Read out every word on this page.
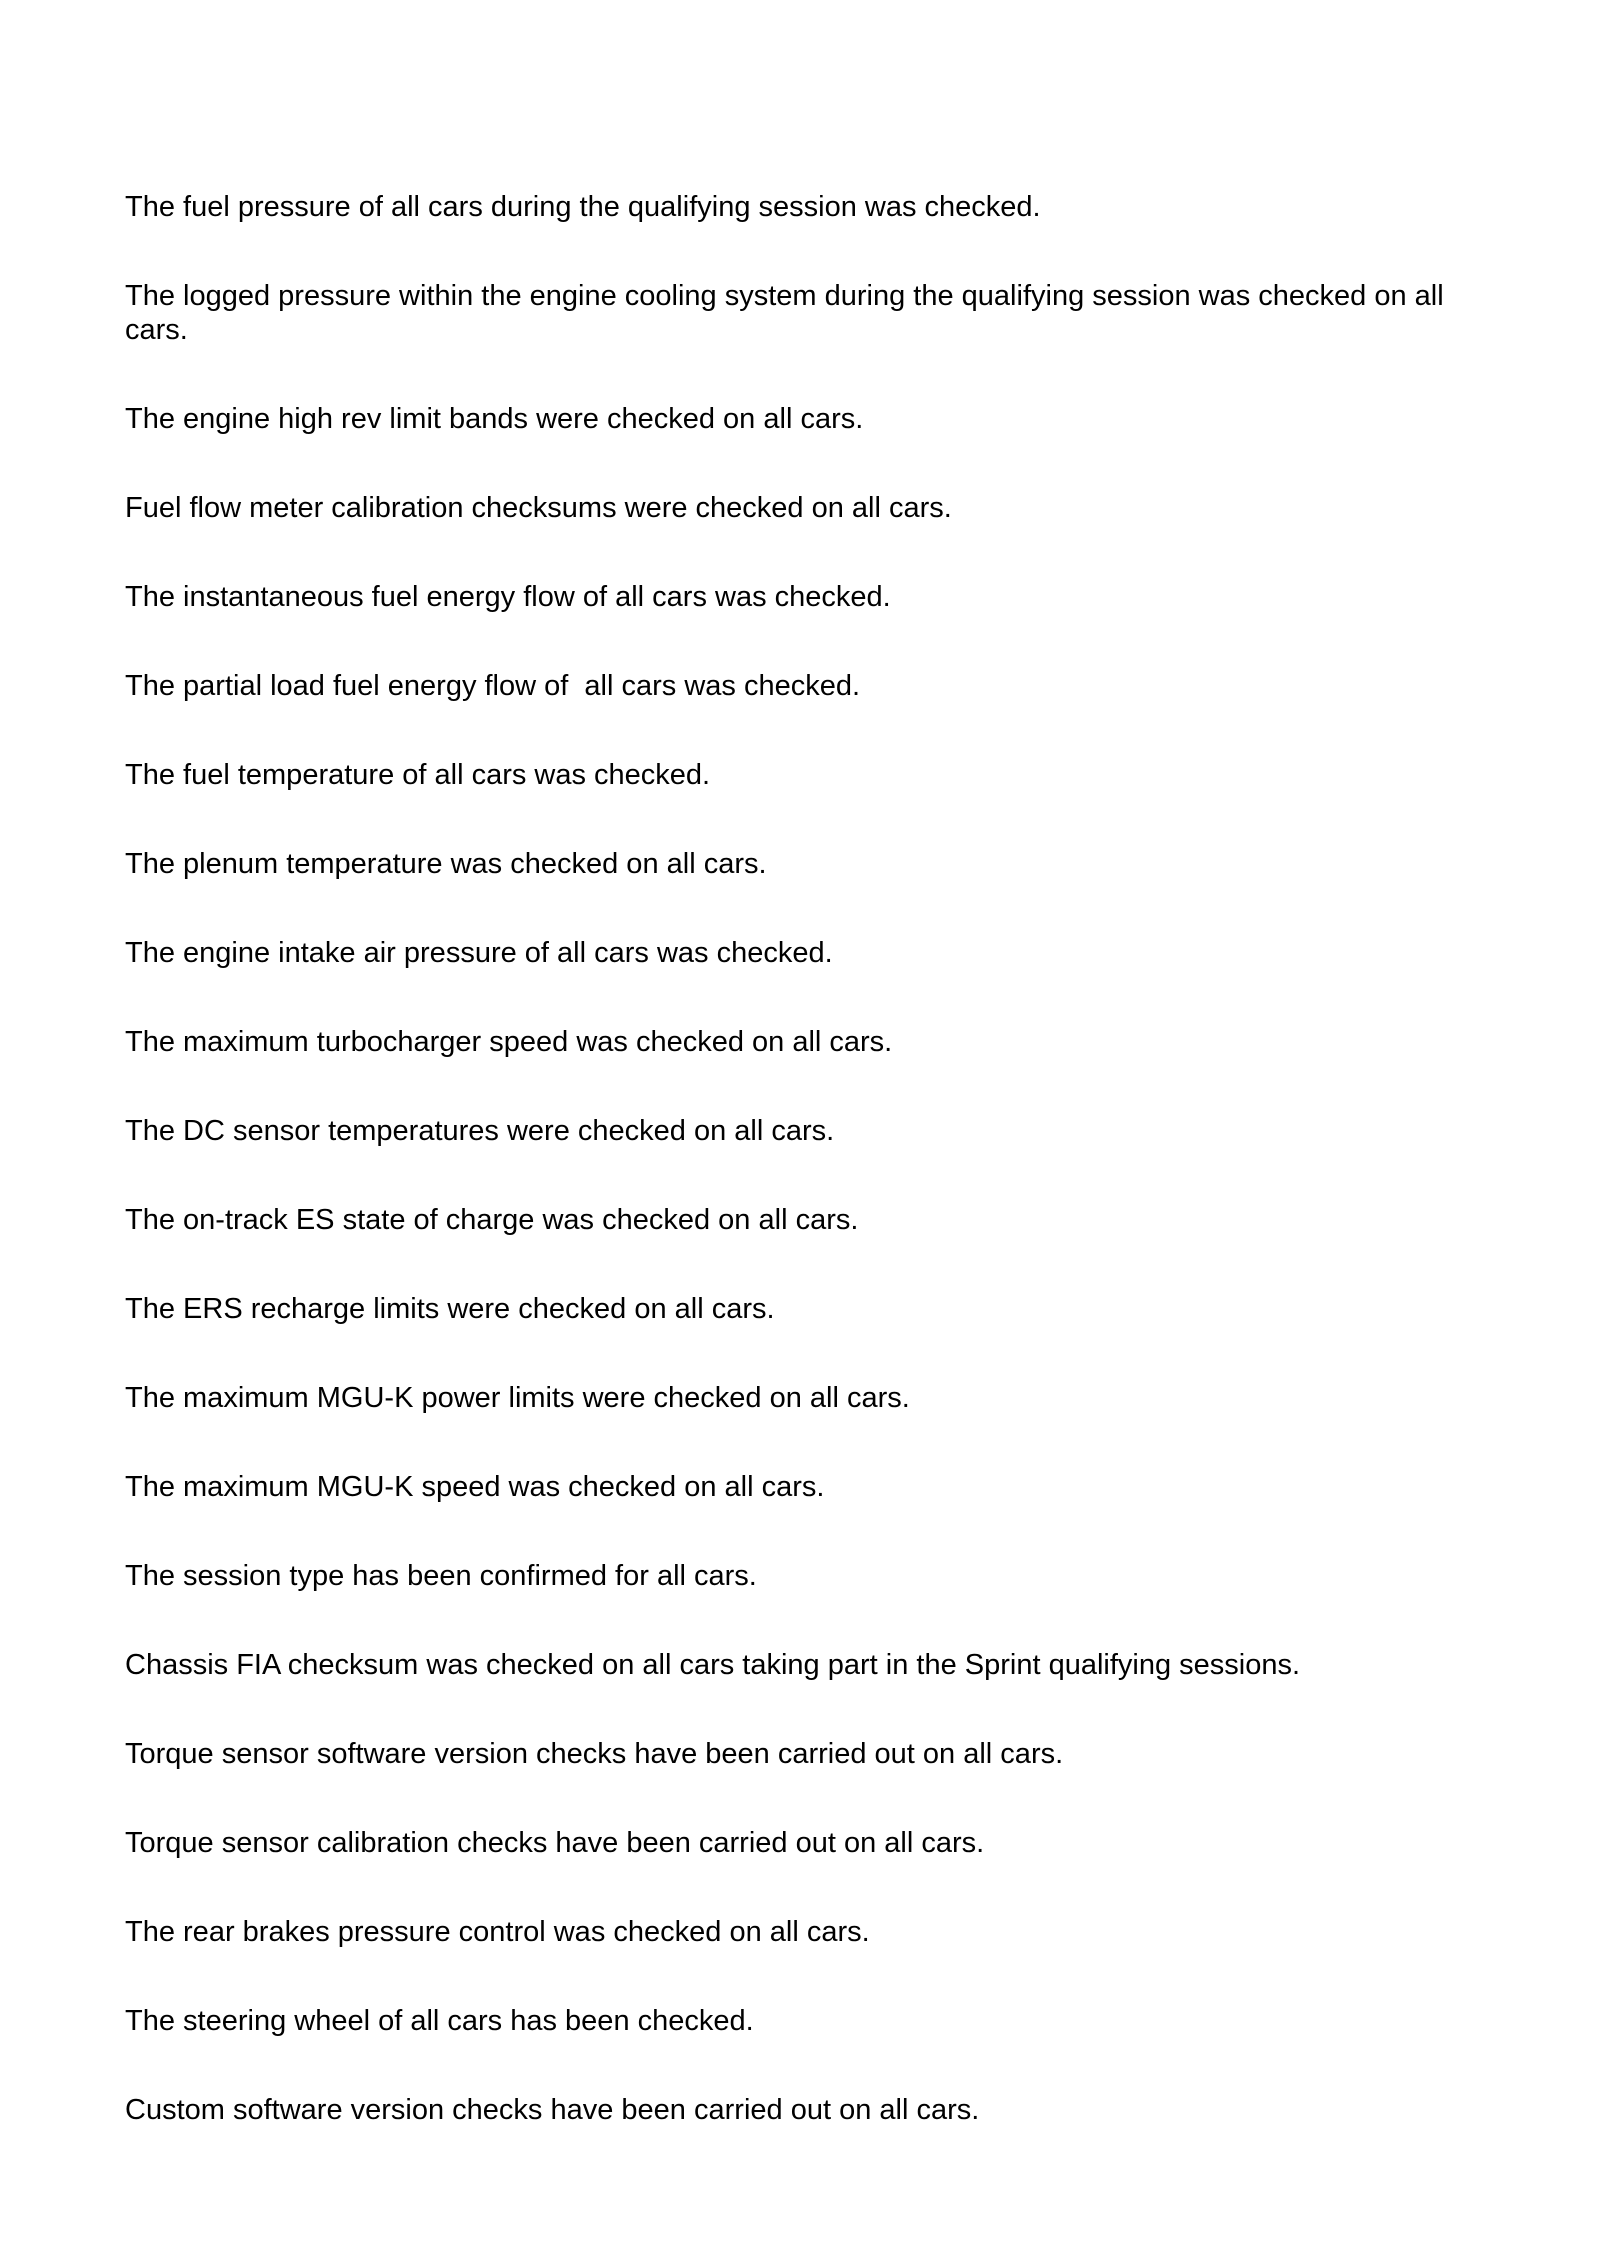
The fuel pressure of all cars during the qualifying session was checked.
The logged pressure within the engine cooling system during the qualifying session was checked on all cars.
The engine high rev limit bands were checked on all cars.
Fuel flow meter calibration checksums were checked on all cars.
The instantaneous fuel energy flow of all cars was checked.
The partial load fuel energy flow of  all cars was checked.
The fuel temperature of all cars was checked.
The plenum temperature was checked on all cars.
The engine intake air pressure of all cars was checked.
The maximum turbocharger speed was checked on all cars.
The DC sensor temperatures were checked on all cars.
The on-track ES state of charge was checked on all cars.
The ERS recharge limits were checked on all cars.
The maximum MGU-K power limits were checked on all cars.
The maximum MGU-K speed was checked on all cars.
The session type has been confirmed for all cars.
Chassis FIA checksum was checked on all cars taking part in the Sprint qualifying sessions.
Torque sensor software version checks have been carried out on all cars.
Torque sensor calibration checks have been carried out on all cars.
The rear brakes pressure control was checked on all cars.
The steering wheel of all cars has been checked.
Custom software version checks have been carried out on all cars.
